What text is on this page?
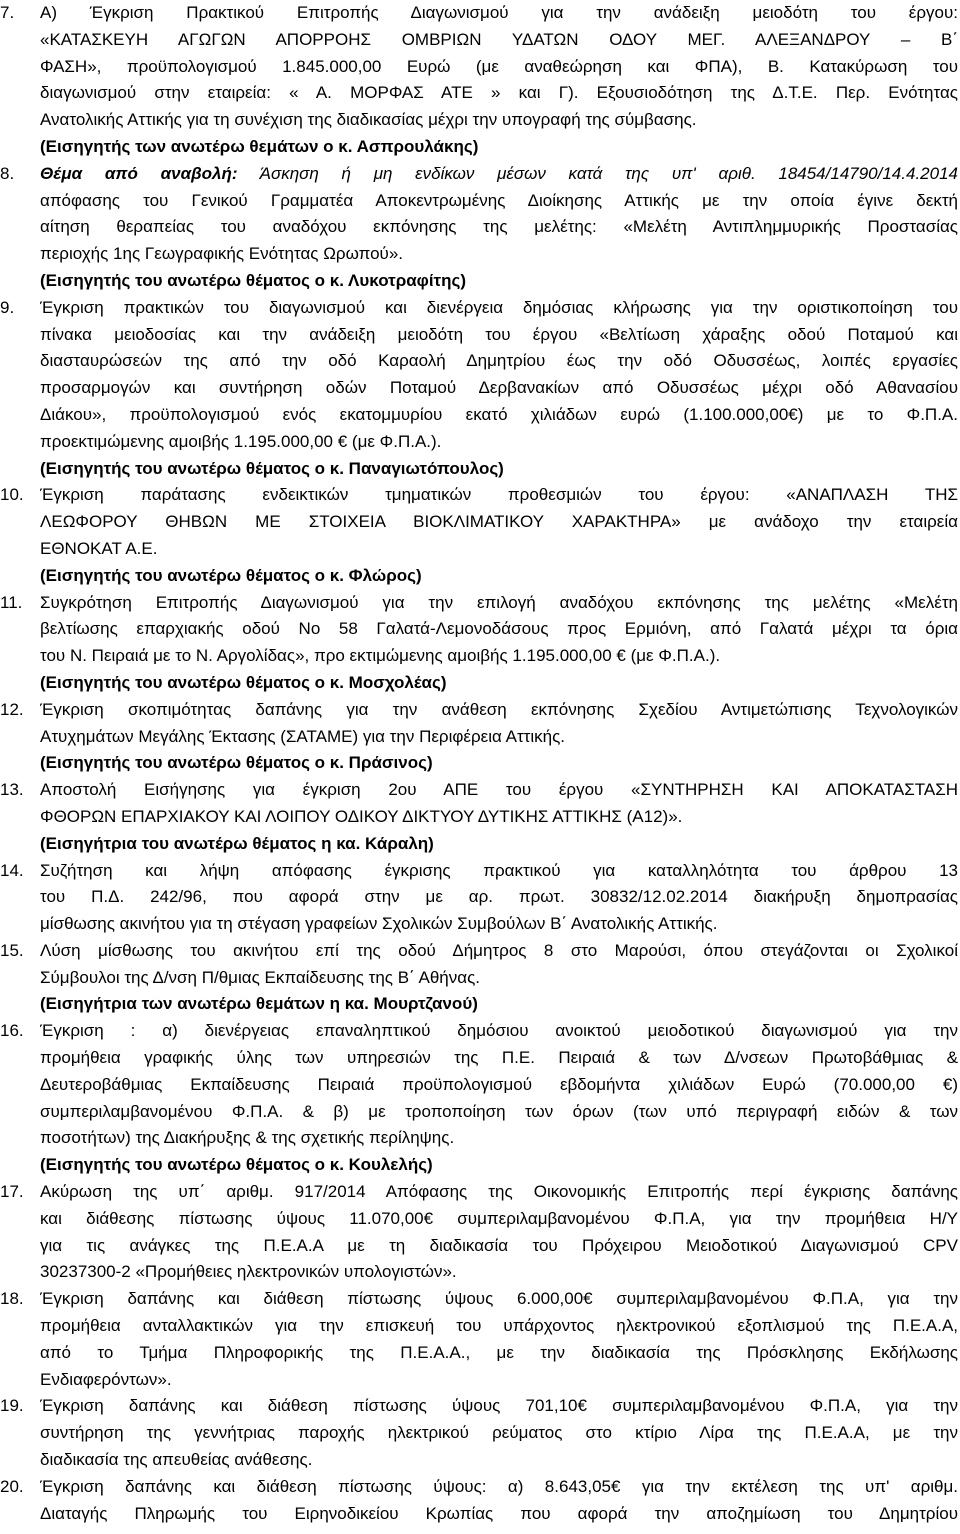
7.	Α) Έγκριση Πρακτικού Επιτροπής Διαγωνισμού για την ανάδειξη μειοδότη του έργου:
«ΚΑΤΑΣΚΕΥΗ ΑΓΩΓΩΝ ΑΠΟΡΡΟΗΣ ΟΜΒΡΙΩΝ ΥΔΑΤΩΝ ΟΔΟΥ ΜΕΓ. ΑΛΕΞΑΝΔΡΟΥ – Β΄
ΦΑΣΗ», προϋπολογισμού 1.845.000,00 Ευρώ (με αναθεώρηση και ΦΠΑ), Β. Κατακύρωση του
διαγωνισμού στην εταιρεία: « Α. ΜΟΡΦΑΣ ΑΤΕ » και Γ). Εξουσιοδότηση της Δ.Τ.Ε. Περ. Ενότητας
Ανατολικής Αττικής για τη συνέχιση της διαδικασίας μέχρι την υπογραφή της σύμβασης.
(Εισηγητής των ανωτέρω θεμάτων ο κ. Ασπρουλάκης)
8.	Θέμα από αναβολή: Άσκηση ή μη ενδίκων μέσων κατά της υπ' αριθ. 18454/14790/14.4.2014
απόφασης του Γενικού Γραμματέα Αποκεντρωμένης Διοίκησης Αττικής με την οποία έγινε δεκτή
αίτηση θεραπείας του αναδόχου εκπόνησης της μελέτης: «Μελέτη Αντιπλημμυρικής Προστασίας
περιοχής 1ης Γεωγραφικής Ενότητας Ωρωπού».
(Εισηγητής του ανωτέρω θέματος ο κ. Λυκοτραφίτης)
9.	Έγκριση πρακτικών του διαγωνισμού και διενέργεια δημόσιας κλήρωσης για την οριστικοποίηση του
πίνακα μειοδοσίας και την ανάδειξη μειοδότη του έργου «Βελτίωση χάραξης οδού Ποταμού και
διασταυρώσεών της από την οδό Καραολή Δημητρίου έως την οδό Οδυσσέως, λοιπές εργασίες
προσαρμογών και συντήρηση οδών Ποταμού Δερβανακίων από Οδυσσέως μέχρι οδό Αθανασίου
Διάκου», προϋπολογισμού ενός εκατομμυρίου εκατό χιλιάδων ευρώ (1.100.000,00€) με το Φ.Π.Α.
προεκτιμώμενης αμοιβής 1.195.000,00 € (με Φ.Π.Α.).
(Εισηγητής του ανωτέρω θέματος ο κ. Παναγιωτόπουλος)
10. Έγκριση παράτασης ενδεικτικών τμηματικών προθεσμιών του έργου: «ΑΝΑΠΛΑΣΗ ΤΗΣ
ΛΕΩΦΟΡΟΥ ΘΗΒΩΝ ΜΕ ΣΤΟΙΧΕΙΑ ΒΙΟΚΛΙΜΑΤΙΚΟΥ ΧΑΡΑΚΤΗΡΑ» με ανάδοχο την εταιρεία
ΕΘΝΟΚΑΤ Α.Ε.
(Εισηγητής του ανωτέρω θέματος ο κ. Φλώρος)
11.	Συγκρότηση Επιτροπής Διαγωνισμού για την επιλογή αναδόχου εκπόνησης της μελέτης «Μελέτη
βελτίωσης επαρχιακής οδού Νο 58 Γαλατά-Λεμονοδάσους προς Ερμιόνη, από Γαλατά μέχρι τα όρια
του Ν. Πειραιά με το Ν. Αργολίδας», προ εκτιμώμενης αμοιβής 1.195.000,00 € (με Φ.Π.Α.).
(Εισηγητής του ανωτέρω θέματος ο κ. Μοσχολέας)
12. Έγκριση σκοπιμότητας δαπάνης για την ανάθεση εκπόνησης Σχεδίου Αντιμετώπισης Τεχνολογικών
Ατυχημάτων Μεγάλης Έκτασης (ΣΑΤΑΜΕ) για την Περιφέρεια Αττικής.
(Εισηγητής του ανωτέρω θέματος ο κ. Πράσινος)
13. Αποστολή Εισήγησης για έγκριση 2ου ΑΠΕ του έργου «ΣΥΝΤΗΡΗΣΗ ΚΑΙ ΑΠΟΚΑΤΑΣΤΑΣΗ
ΦΘΟΡΩΝ ΕΠΑΡΧΙΑΚΟΥ ΚΑΙ ΛΟΙΠΟΥ ΟΔΙΚΟΥ ΔΙΚΤΥΟΥ ΔΥΤΙΚΗΣ ΑΤΤΙΚΗΣ (Α12)».
(Εισηγήτρια του ανωτέρω θέματος η κα. Κάραλη)
14. Συζήτηση και λήψη απόφασης έγκρισης πρακτικού για καταλληλότητα του άρθρου 13
του Π.Δ. 242/96, που αφορά στην με αρ. πρωτ. 30832/12.02.2014 διακήρυξη δημοπρασίας
μίσθωσης ακινήτου για τη στέγαση γραφείων Σχολικών Συμβούλων Β΄ Ανατολικής Αττικής.
15. Λύση μίσθωσης του ακινήτου επί της οδού Δήμητρος 8 στο Μαρούσι, όπου στεγάζονται οι Σχολικοί
Σύμβουλοι της Δ/νση Π/θμιας Εκπαίδευσης της Β΄ Αθήνας.
(Εισηγήτρια των ανωτέρω θεμάτων η κα. Μουρτζανού)
16. Έγκριση : α) διενέργειας επαναληπτικού δημόσιου ανοικτού μειοδοτικού διαγωνισμού για την
προμήθεια γραφικής ύλης των υπηρεσιών της Π.Ε. Πειραιά & των Δ/νσεων Πρωτοβάθμιας &
Δευτεροβάθμιας Εκπαίδευσης Πειραιά προϋπολογισμού εβδομήντα χιλιάδων Ευρώ (70.000,00 €)
συμπεριλαμβανομένου Φ.Π.Α. & β) με τροποποίηση των όρων (των υπό περιγραφή ειδών & των
ποσοτήτων) της Διακήρυξης & της σχετικής περίληψης.
(Εισηγητής του ανωτέρω θέματος ο κ. Κουλελής)
17. Ακύρωση της υπ΄ αριθμ. 917/2014 Απόφασης της Οικονομικής Επιτροπής περί έγκρισης δαπάνης
και διάθεσης πίστωσης ύψους 11.070,00€ συμπεριλαμβανομένου Φ.Π.Α, για την προμήθεια Η/Υ
για τις ανάγκες της Π.Ε.Α.Α με τη διαδικασία του Πρόχειρου Μειοδοτικού Διαγωνισμού CPV
30237300-2 «Προμήθειες ηλεκτρονικών υπολογιστών».
18. Έγκριση δαπάνης και διάθεση πίστωσης ύψους 6.000,00€ συμπεριλαμβανομένου Φ.Π.Α, για την
προμήθεια ανταλλακτικών για την επισκευή του υπάρχοντος ηλεκτρονικού εξοπλισμού της Π.Ε.Α.Α,
από το Τμήμα Πληροφορικής της Π.Ε.Α.Α., με την διαδικασία της Πρόσκλησης Εκδήλωσης
Ενδιαφερόντων».
19. Έγκριση δαπάνης και διάθεση πίστωσης ύψους 701,10€ συμπεριλαμβανομένου Φ.Π.Α, για την
συντήρηση της γεννήτριας παροχής ηλεκτρικού ρεύματος στο κτίριο Λίρα της Π.Ε.Α.Α, με την
διαδικασία της απευθείας ανάθεσης.
20. Έγκριση δαπάνης και διάθεση πίστωσης ύψους: α) 8.643,05€ για την εκτέλεση της υπ' αριθμ.
Διαταγής Πληρωμής του Ειρηνοδικείου Κρωπίας που αφορά την αποζημίωση του Δημητρίου
